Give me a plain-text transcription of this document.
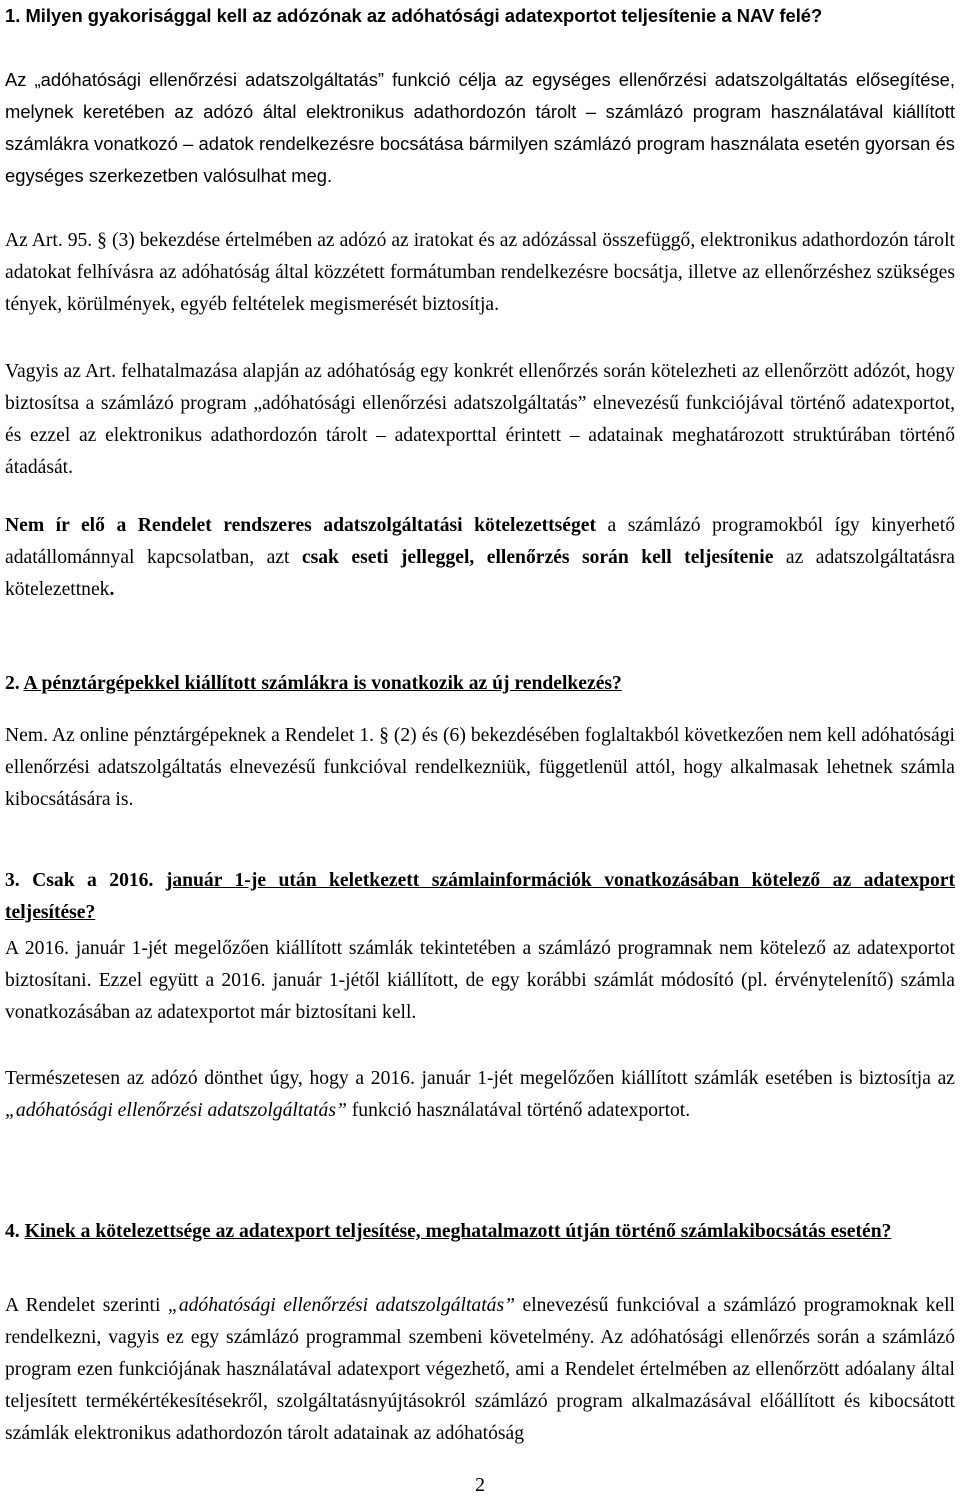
1. Milyen gyakorisággal kell az adózónak az adóhatósági adatexportot teljesítenie a NAV felé?

Az „adóhatósági ellenőrzési adatszolgáltatás” funkció célja az egységes ellenőrzési adatszolgáltatás elősegítése, melynek keretében az adózó által elektronikus adathordozón tárolt – számlázó program használatával kiállított számlákra vonatkozó – adatok rendelkezésre bocsátása bármilyen számlázó program használata esetén gyorsan és egységes szerkezetben valósulhat meg.

Az Art. 95. § (3) bekezdése értelmében az adózó az iratokat és az adózással összefüggő, elektronikus adathordozón tárolt adatokat felhívásra az adóhatóság által közzétett formátumban rendelkezésre bocsátja, illetve az ellenőrzéshez szükséges tények, körülmények, egyéb feltételek megismerését biztosítja.

Vagyis az Art. felhatalmazása alapján az adóhatóság egy konkrét ellenőrzés során kötelezheti az ellenőrzött adózót, hogy biztosítsa a számlázó program „adóhatósági ellenőrzési adatszolgáltatás” elnevezésű funkciójával történő adatexportot, és ezzel az elektronikus adathordozón tárolt – adatexporttal érintett – adatainak meghatározott struktúrában történő átadását.

Nem ír elő a Rendelet rendszeres adatszolgáltatási kötelezettséget a számlázó programokból így kinyerhető adatállománnyal kapcsolatban, azt csak eseti jelleggel, ellenőrzés során kell teljesítenie az adatszolgáltatásra kötelezettnek.

2. A pénztárgépekkel kiállított számlákra is vonatkozik az új rendelkezés?

Nem. Az online pénztárgépeknek a Rendelet 1. § (2) és (6) bekezdésében foglaltakból következően nem kell adóhatósági ellenőrzési adatszolgáltatás elnevezésű funkcióval rendelkezniük, függetlenül attól, hogy alkalmasak lehetnek számla kibocsátására is.

3. Csak a 2016. január 1-je után keletkezett számlainformációk vonatkozásában kötelező az adatexport teljesítése?

A 2016. január 1-jét megelőzően kiállított számlák tekintetében a számlázó programnak nem kötelező az adatexportot biztosítani. Ezzel együtt a 2016. január 1-jétől kiállított, de egy korábbi számlát módosító (pl. érvénytelenítő) számla vonatkozásában az adatexportot már biztosítani kell.

Természetesen az adózó dönthet úgy, hogy a 2016. január 1-jét megelőzően kiállított számlák esetében is biztosítja az „adóhatósági ellenőrzési adatszolgáltatás” funkció használatával történő adatexportot.

4. Kinek a kötelezettsége az adatexport teljesítése, meghatalmazott útján történő számlakibocsátás esetén?

A Rendelet szerinti „adóhatósági ellenőrzési adatszolgáltatás” elnevezésű funkcióval a számlázó programoknak kell rendelkezni, vagyis ez egy számlázó programmal szembeni követelmény. Az adóhatósági ellenőrzés során a számlázó program ezen funkciójának használatával adatexport végezhető, ami a Rendelet értelmében az ellenőrzött adóalany által teljesített termékértékesítésekről, szolgáltatásnyújtásokról számlázó program alkalmazásával előállított és kibocsátott számlák elektronikus adathordozón tárolt adatainak az adóhatóság

2
